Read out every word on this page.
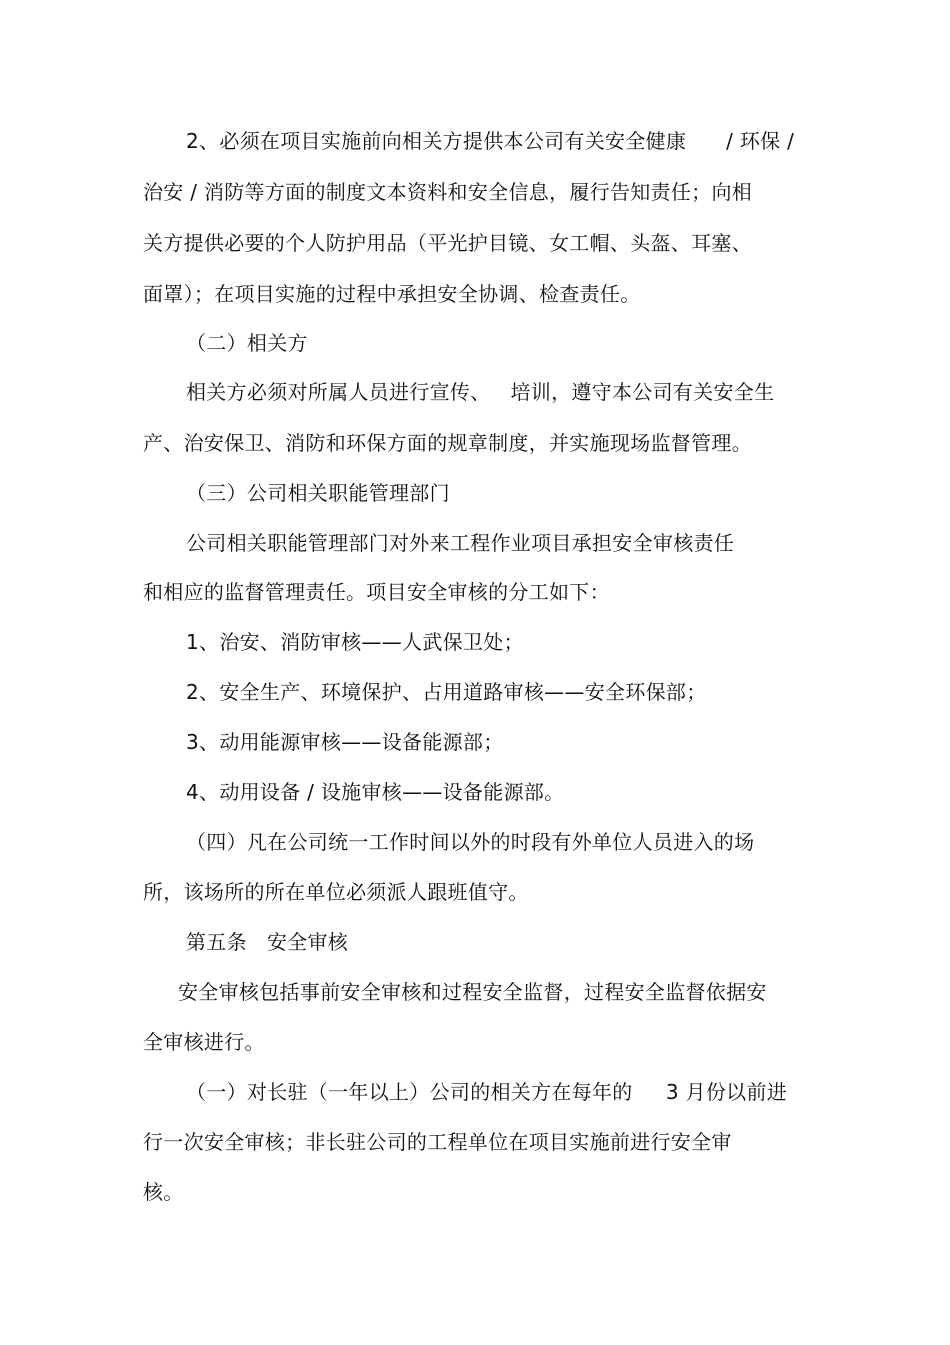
2、必须在项目实施前向相关方提供本公司有关安全健康      / 环保 /
治安 / 消防等方面的制度文本资料和安全信息，履行告知责任；向相
关方提供必要的个人防护用品（平光护目镜、女工帽、头盔、耳塞、
面罩）；在项目实施的过程中承担安全协调、检查责任。
（二）相关方
相关方必须对所属人员进行宣传、   培训，遵守本公司有关安全生
产、治安保卫、消防和环保方面的规章制度，并实施现场监督管理。
（三）公司相关职能管理部门
公司相关职能管理部门对外来工程作业项目承担安全审核责任
和相应的监督管理责任。项目安全审核的分工如下：
1、治安、消防审核——人武保卫处；
2、安全生产、环境保护、占用道路审核——安全环保部；
3、动用能源审核——设备能源部；
4、动用设备 / 设施审核——设备能源部。
（四）凡在公司统一工作时间以外的时段有外单位人员进入的场
所，该场所的所在单位必须派人跟班值守。
第五条   安全审核
安全审核包括事前安全审核和过程安全监督，过程安全监督依据安
全审核进行。
（一）对长驻（一年以上）公司的相关方在每年的     3 月份以前进
行一次安全审核；非长驻公司的工程单位在项目实施前进行安全审
核。
